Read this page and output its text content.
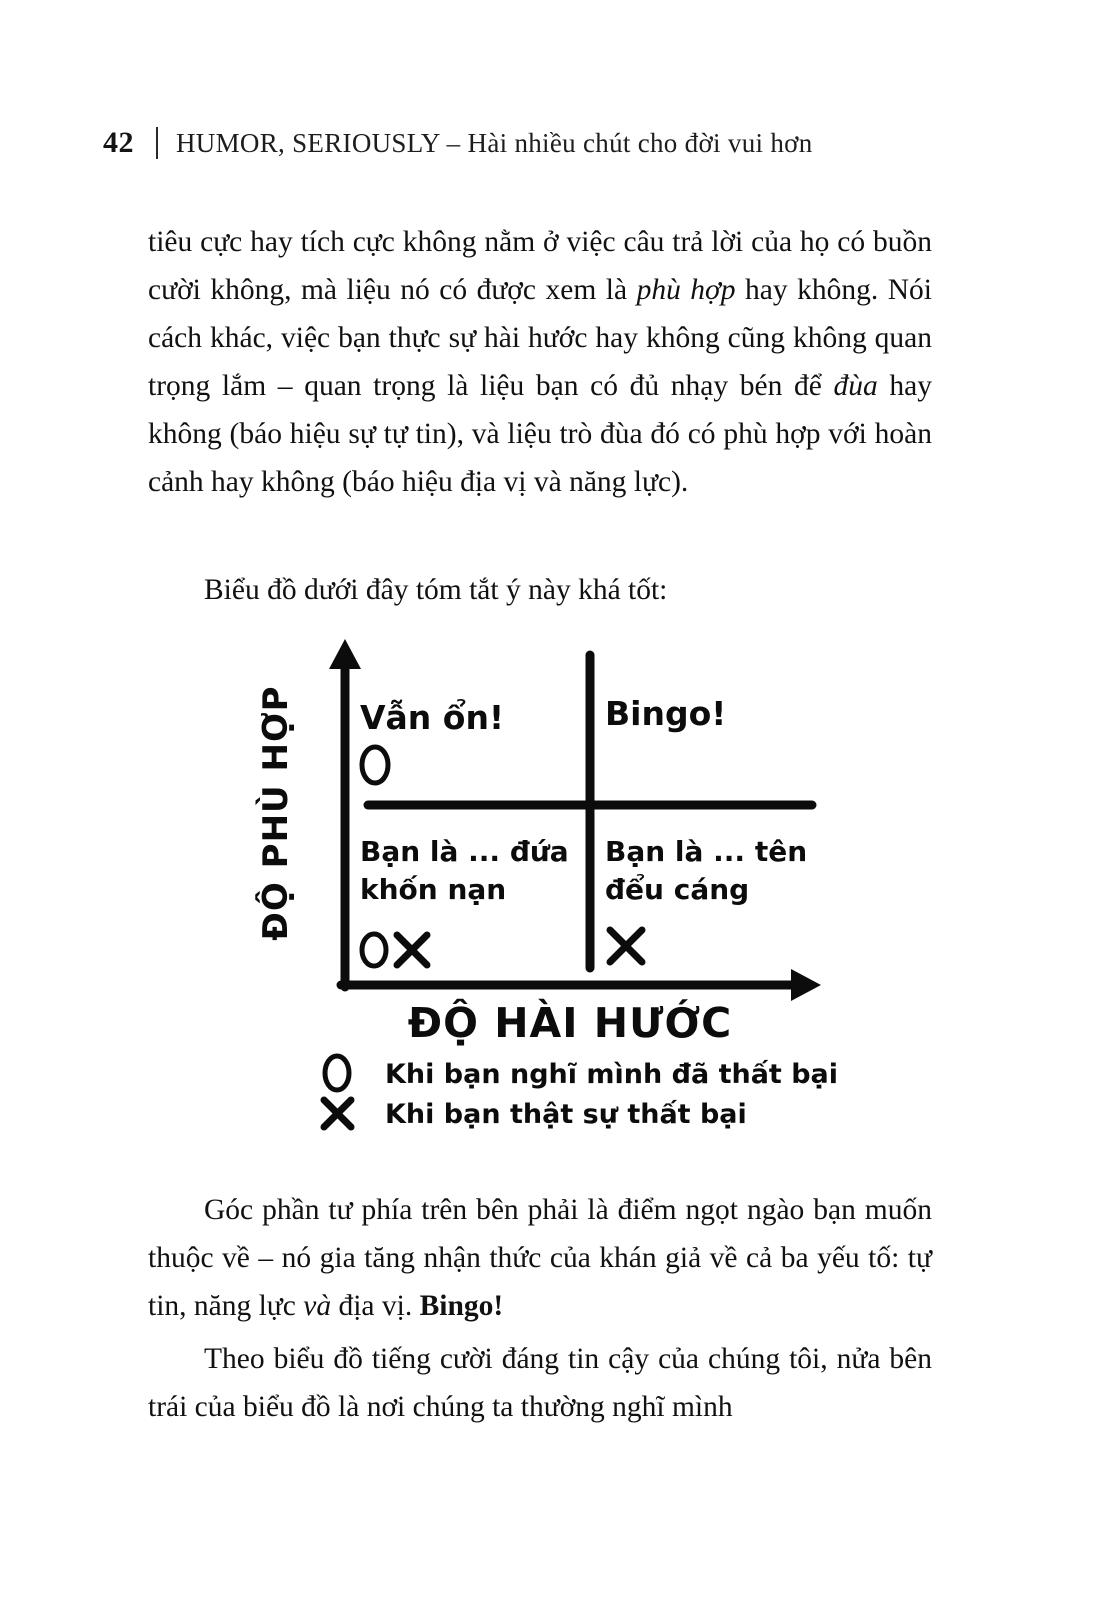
42 HUMOR, SERIOUSLY – Hài nhiều chút cho đời vui hơn

tiêu cực hay tích cực không nằm ở việc câu trả lời của họ có buồn cười không, mà liệu nó có được xem là phù hợp hay không. Nói cách khác, việc bạn thực sự hài hước hay không cũng không quan trọng lắm – quan trọng là liệu bạn có đủ nhạy bén để đùa hay không (báo hiệu sự tự tin), và liệu trò đùa đó có phù hợp với hoàn cảnh hay không (báo hiệu địa vị và năng lực).

Biểu đồ dưới đây tóm tắt ý này khá tốt:

Vẫn ổn!	Bingo!
Bạn là ... đứa
khốn nạn
Bạn là ... tên
đểu cáng
ĐỘ PHÙ HỢP
ĐỘ HÀI HƯỚC
Khi bạn nghĩ mình đã thất bại
Khi bạn thật sự thất bại

Góc phần tư phía trên bên phải là điểm ngọt ngào bạn muốn thuộc về – nó gia tăng nhận thức của khán giả về cả ba yếu tố: tự tin, năng lực và địa vị. Bingo!

Theo biểu đồ tiếng cười đáng tin cậy của chúng tôi, nửa bên trái của biểu đồ là nơi chúng ta thường nghĩ mình
